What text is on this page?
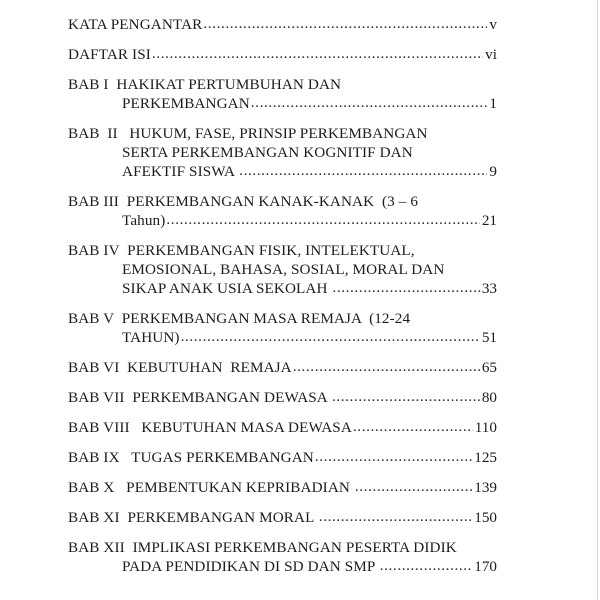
KATA PENGANTAR .....	v
DAFTAR ISI .....	vi
BAB I  HAKIKAT PERTUMBUHAN DAN
PERKEMBANGAN .....	1
BAB  II   HUKUM, FASE, PRINSIP PERKEMBANGAN
SERTA PERKEMBANGAN KOGNITIF DAN
AFEKTIF SISWA .....	9
BAB III  PERKEMBANGAN KANAK-KANAK  (3 – 6
Tahun) .....	21
BAB IV  PERKEMBANGAN FISIK, INTELEKTUAL,
EMOSIONAL, BAHASA, SOSIAL, MORAL DAN
SIKAP ANAK USIA SEKOLAH .....	33
BAB V  PERKEMBANGAN MASA REMAJA  (12-24
TAHUN) .....	51
BAB VI  KEBUTUHAN  REMAJA .....	65
BAB VII  PERKEMBANGAN DEWASA .....	80
BAB VIII   KEBUTUHAN MASA DEWASA .....	110
BAB IX   TUGAS PERKEMBANGAN .....	125
BAB X   PEMBENTUKAN KEPRIBADIAN .....	139
BAB XI  PERKEMBANGAN MORAL .....	150
BAB XII  IMPLIKASI PERKEMBANGAN PESERTA DIDIK
PADA PENDIDIKAN DI SD DAN SMP .....	170
